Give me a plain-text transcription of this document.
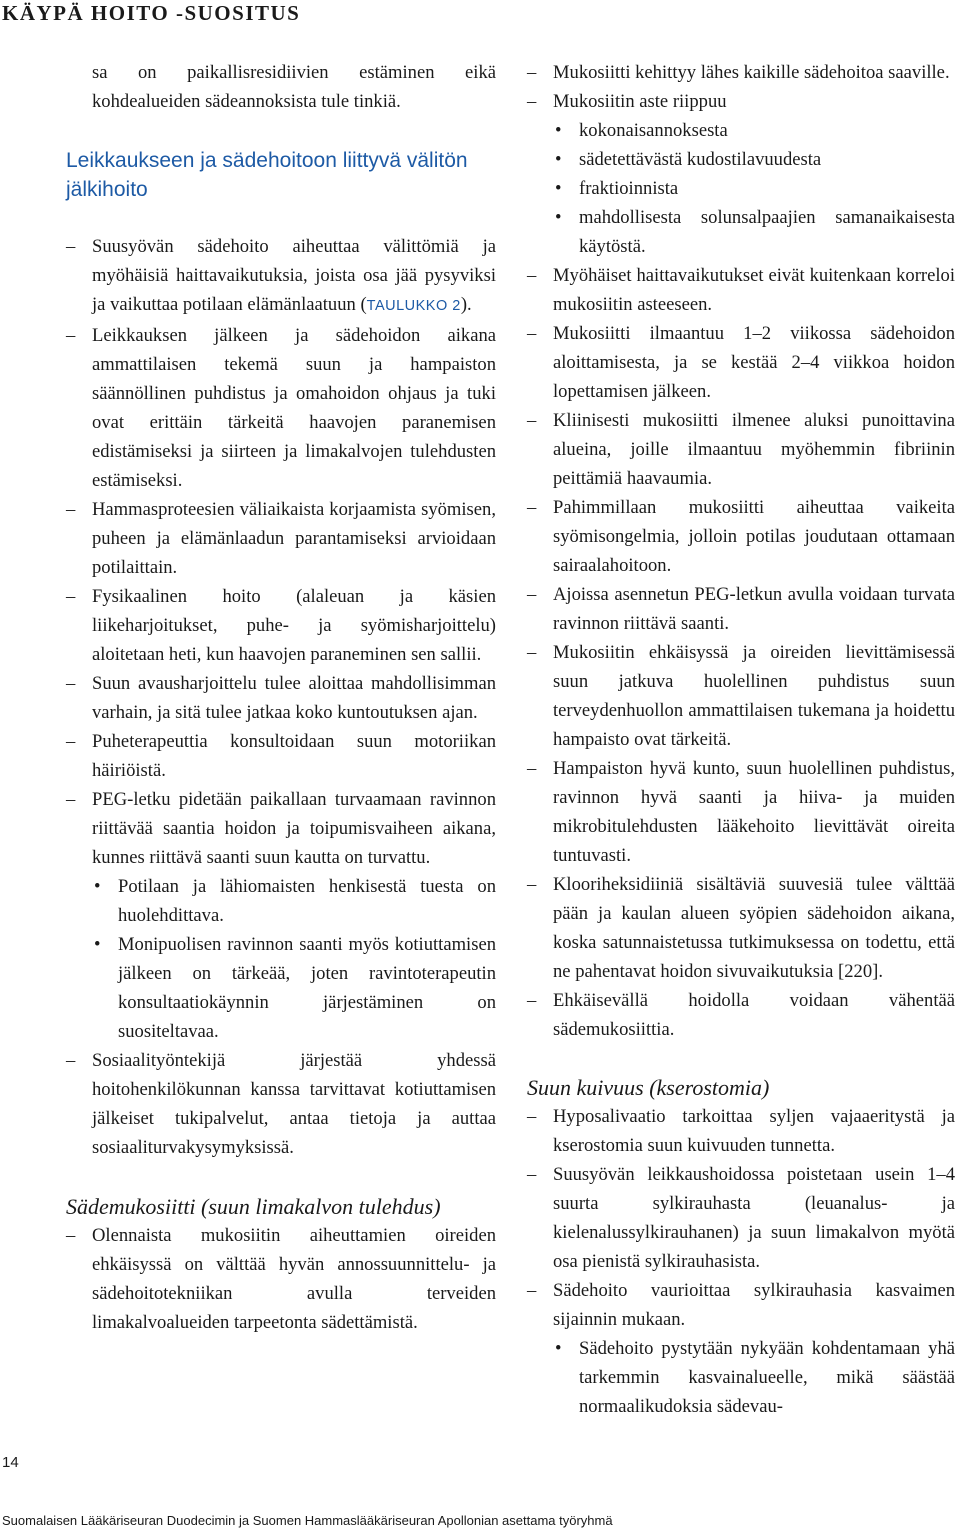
KÄYPÄ HOITO -SUOSITUS

sa on paikallisresidiivien estäminen eikä kohdealueiden sädeannoksista tule tinkiä.

Leikkaukseen ja sädehoitoon liittyvä välitön jälkihoito

– Suusyövän sädehoito aiheuttaa välittömiä ja myöhäisiä haittavaikutuksia, joista osa jää pysyviksi ja vaikuttaa potilaan elämänlaatuun (TAULUKKO 2).

– Leikkauksen jälkeen ja sädehoidon aikana ammattilaisen tekemä suun ja hampaiston säännöllinen puhdistus ja omahoidon ohjaus ja tuki ovat erittäin tärkeitä haavojen paranemisen edistämiseksi ja siirteen ja limakalvojen tulehdusten estämiseksi.

– Hammasproteesien väliaikaista korjaamista syömisen, puheen ja elämänlaadun parantamiseksi arvioidaan potilaittain.

– Fysikaalinen hoito (alaleuan ja käsien liikeharjoitukset, puhe- ja syömisharjoittelu) aloitetaan heti, kun haavojen paraneminen sen sallii.

– Suun avausharjoittelu tulee aloittaa mahdollisimman varhain, ja sitä tulee jatkaa koko kuntoutuksen ajan.

– Puheterapeuttia konsultoidaan suun motoriikan häiriöistä.

– PEG-letku pidetään paikallaan turvaamaan ravinnon riittävää saantia hoidon ja toipumisvaiheen aikana, kunnes riittävä saanti suun kautta on turvattu.

• Potilaan ja lähiomaisten henkisestä tuesta on huolehdittava.

• Monipuolisen ravinnon saanti myös kotiuttamisen jälkeen on tärkeää, joten ravintoterapeutin konsultaatiokäynnin järjestäminen on suositeltavaa.

– Sosiaalityöntekijä järjestää yhdessä hoitohenkilökunnan kanssa tarvittavat kotiuttamisen jälkeiset tukipalvelut, antaa tietoja ja auttaa sosiaaliturvakysymyksissä.

Sädemukosiitti (suun limakalvon tulehdus)

– Olennaista mukosiitin aiheuttamien oireiden ehkäisyssä on välttää hyvän annossuunnittelu- ja sädehoitotekniikan avulla terveiden limakalvoalueiden tarpeetonta sädettämistä.

– Mukosiitti kehittyy lähes kaikille sädehoitoa saaville.

– Mukosiitin aste riippuu

• kokonaisannoksesta

• sädetettävästä kudostilavuudesta

• fraktioinnista

• mahdollisesta solunsalpaajien samanaikaisesta käytöstä.

– Myöhäiset haittavaikutukset eivät kuitenkaan korreloi mukosiitin asteeseen.

– Mukosiitti ilmaantuu 1–2 viikossa sädehoidon aloittamisesta, ja se kestää 2–4 viikkoa hoidon lopettamisen jälkeen.

– Kliinisesti mukosiitti ilmenee aluksi punoittavina alueina, joille ilmaantuu myöhemmin fibriinin peittämiä haavaumia.

– Pahimmillaan mukosiitti aiheuttaa vaikeita syömisongelmia, jolloin potilas joudutaan ottamaan sairaalahoitoon.

– Ajoissa asennetun PEG-letkun avulla voidaan turvata ravinnon riittävä saanti.

– Mukosiitin ehkäisyssä ja oireiden lievittämisessä suun jatkuva huolellinen puhdistus suun terveydenhuollon ammattilaisen tukemana ja hoidettu hampaisto ovat tärkeitä.

– Hampaiston hyvä kunto, suun huolellinen puhdistus, ravinnon hyvä saanti ja hiiva- ja muiden mikrobitulehdusten lääkehoito lievittävät oireita tuntuvasti.

– Klooriheksidiiniä sisältäviä suuvesiä tulee välttää pään ja kaulan alueen syöpien sädehoidon aikana, koska satunnaistetussa tutkimuksessa on todettu, että ne pahentavat hoidon sivuvaikutuksia [220].

– Ehkäisevällä hoidolla voidaan vähentää sädemukosiittia.

Suun kuivuus (kserostomia)

– Hyposalivaatio tarkoittaa syljen vajaaeritystä ja kserostomia suun kuivuuden tunnetta.

– Suusyövän leikkaushoidossa poistetaan usein 1–4 suurta sylkirauhasta (leuanalus- ja kielenalussylkirauhanen) ja suun limakalvon myötä osa pienistä sylkirauhasista.

– Sädehoito vaurioittaa sylkirauhasia kasvaimen sijainnin mukaan.

• Sädehoito pystytään nykyään kohdentamaan yhä tarkemmin kasvainalueelle, mikä säästää normaalikudoksia sädevau-

14
Suomalaisen Lääkäriseuran Duodecimin ja Suomen Hammaslääkäriseuran Apollonian asettama työryhmä
